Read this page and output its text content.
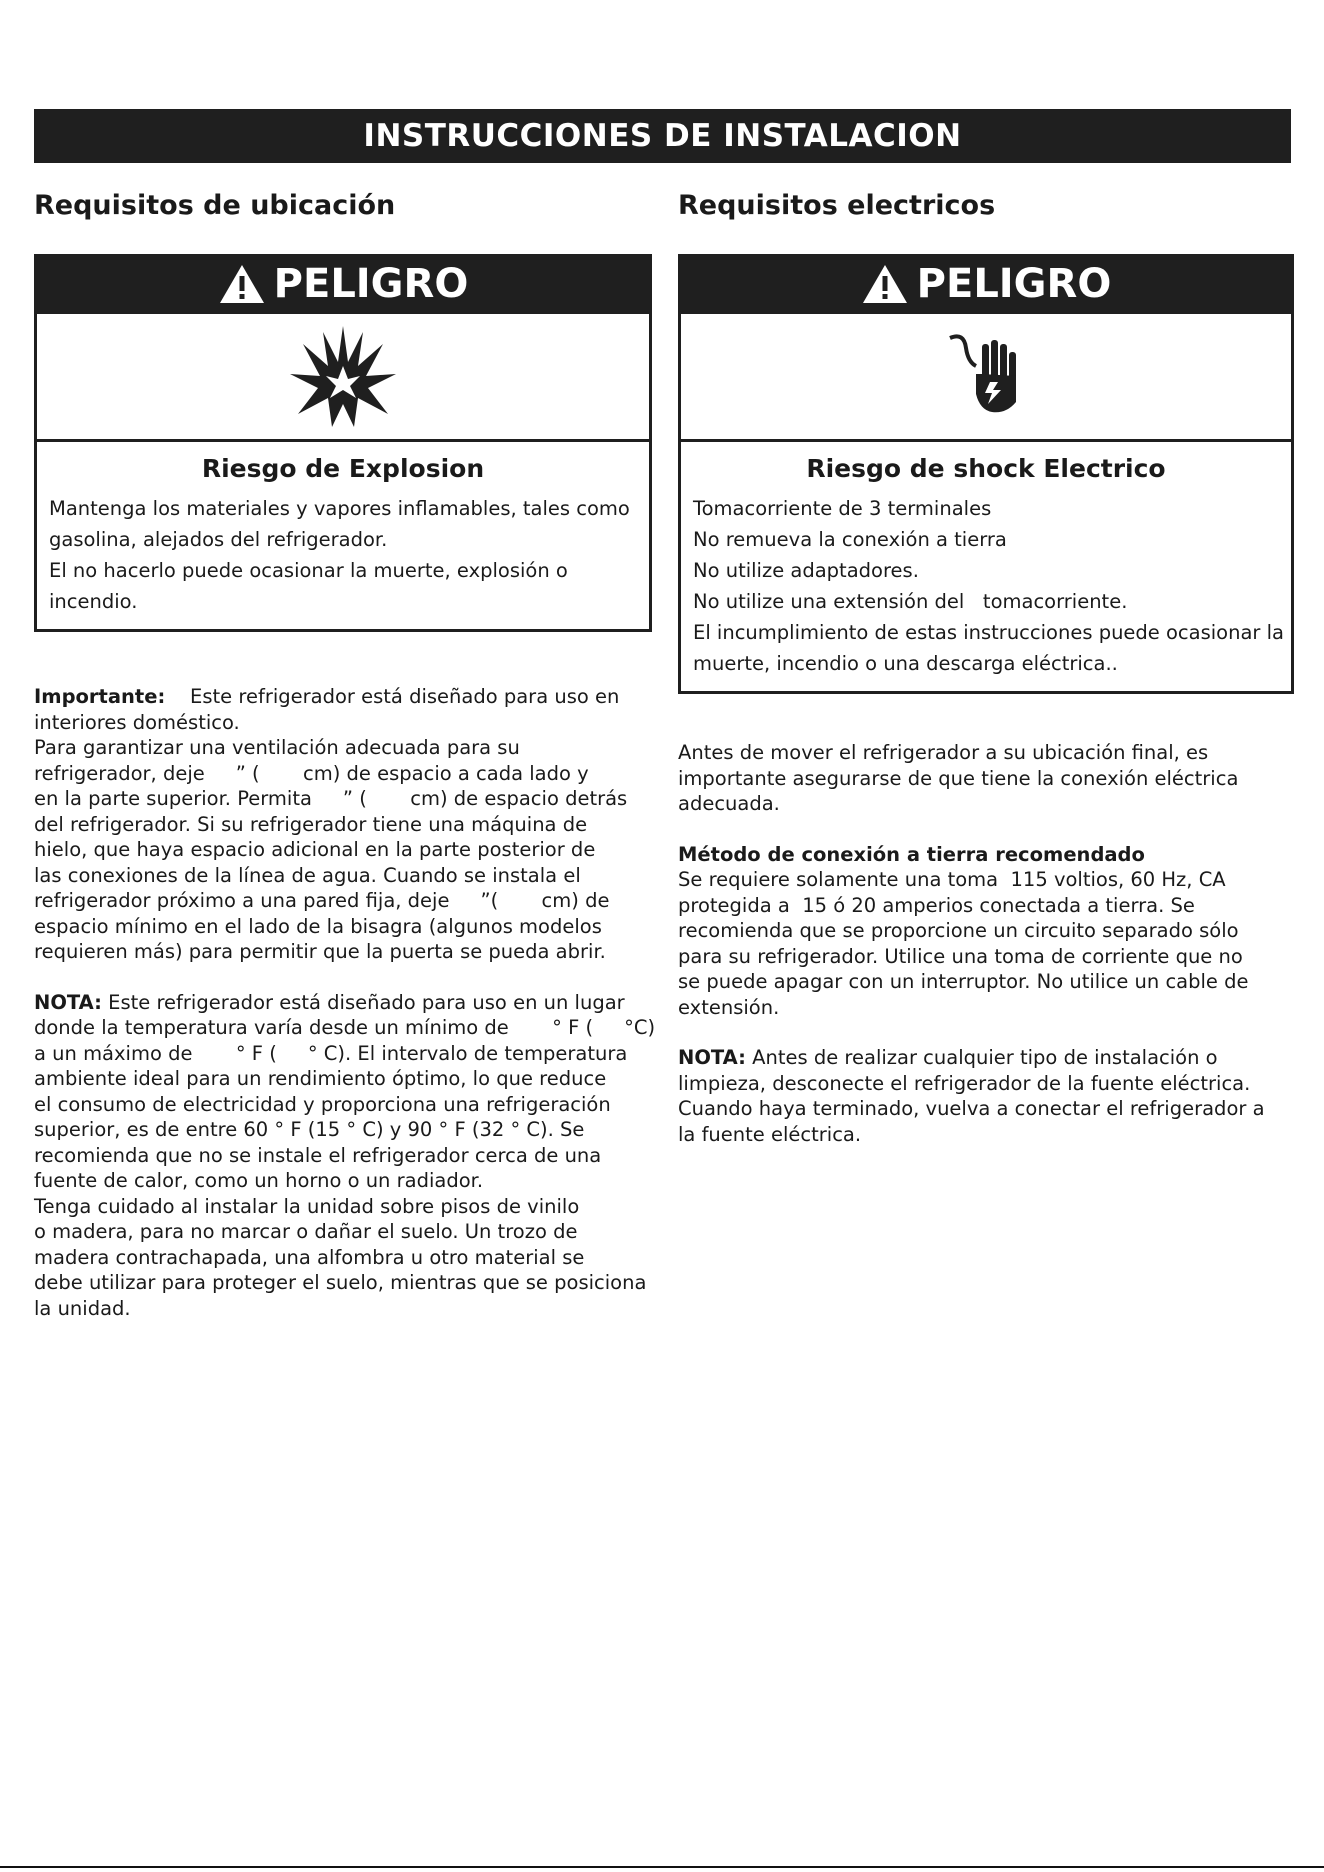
INSTRUCCIONES DE INSTALACION
Requisitos de ubicación
PELIGRO
Riesgo de Explosion
Mantenga los materiales y vapores inflamables, tales como
gasolina, alejados del refrigerador.
El no hacerlo puede ocasionar la muerte, explosión o
incendio.
Importante:    Este refrigerador está diseñado para uso en
interiores doméstico.
Para garantizar una ventilación adecuada para su
refrigerador, deje     ” (       cm) de espacio a cada lado y
en la parte superior. Permita     ” (       cm) de espacio detrás
del refrigerador. Si su refrigerador tiene una máquina de
hielo, que haya espacio adicional en la parte posterior de
las conexiones de la línea de agua. Cuando se instala el
refrigerador próximo a una pared fija, deje     ”(       cm) de
espacio mínimo en el lado de la bisagra (algunos modelos
requieren más) para permitir que la puerta se pueda abrir.
NOTA: Este refrigerador está diseñado para uso en un lugar
donde la temperatura varía desde un mínimo de       ° F (     °C)
a un máximo de       ° F (     ° C). El intervalo de temperatura
ambiente ideal para un rendimiento óptimo, lo que reduce
el consumo de electricidad y proporciona una refrigeración
superior, es de entre 60 ° F (15 ° C) y 90 ° F (32 ° C). Se
recomienda que no se instale el refrigerador cerca de una
fuente de calor, como un horno o un radiador.
Tenga cuidado al instalar la unidad sobre pisos de vinilo
o madera, para no marcar o dañar el suelo. Un trozo de
madera contrachapada, una alfombra u otro material se
debe utilizar para proteger el suelo, mientras que se posiciona
la unidad.
Requisitos electricos
PELIGRO
Riesgo de shock Electrico
Tomacorriente de 3 terminales
No remueva la conexión a tierra
No utilize adaptadores.
No utilize una extensión del   tomacorriente.
El incumplimiento de estas instrucciones puede ocasionar la
muerte, incendio o una descarga eléctrica..
Antes de mover el refrigerador a su ubicación final, es
importante asegurarse de que tiene la conexión eléctrica
adecuada.
Método de conexión a tierra recomendado
Se requiere solamente una toma  115 voltios, 60 Hz, CA
protegida a  15 ó 20 amperios conectada a tierra. Se
recomienda que se proporcione un circuito separado sólo
para su refrigerador. Utilice una toma de corriente que no
se puede apagar con un interruptor. No utilice un cable de
extensión.
NOTA: Antes de realizar cualquier tipo de instalación o
limpieza, desconecte el refrigerador de la fuente eléctrica.
Cuando haya terminado, vuelva a conectar el refrigerador a
la fuente eléctrica.
